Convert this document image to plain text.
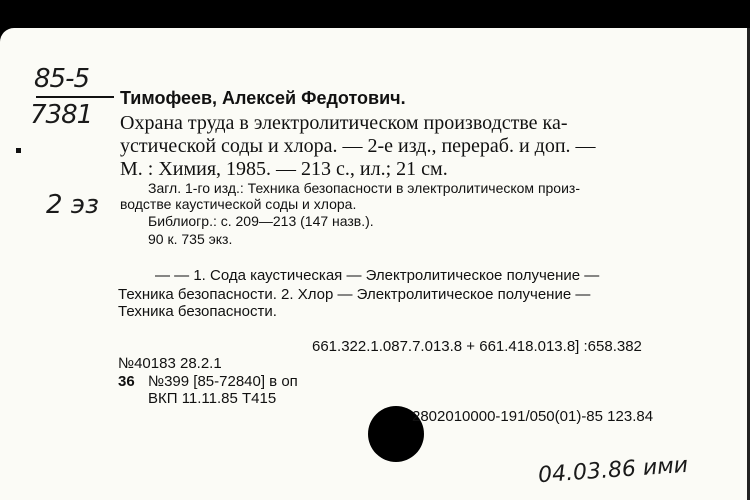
85-5
7381
2 эз
Тимофеев, Алексей Федотович.
Охрана труда в электролитическом производстве ка-
устической соды и хлора. — 2-е изд., перераб. и доп. —
М. : Химия, 1985. — 213 с., ил.; 21 см.
Загл. 1-го изд.: Техника безопасности в электролитическом произ-
водстве каустической соды и хлора.
Библиогр.: с. 209—213 (147 назв.).
90 к. 735 экз.
— — 1. Сода каустическая — Электролитическое получение —
Техника безопасности. 2. Хлор — Электролитическое получение —
Техника безопасности.
661.322.1.087.7.013.8 + 661.418.013.8] :658.382
№40183 28.2.1
36 №399 [85-72840] в оп
ВКП 11.11.85 Т415
2802010000-191/050(01)-85 123.84
04.03.86 ими
